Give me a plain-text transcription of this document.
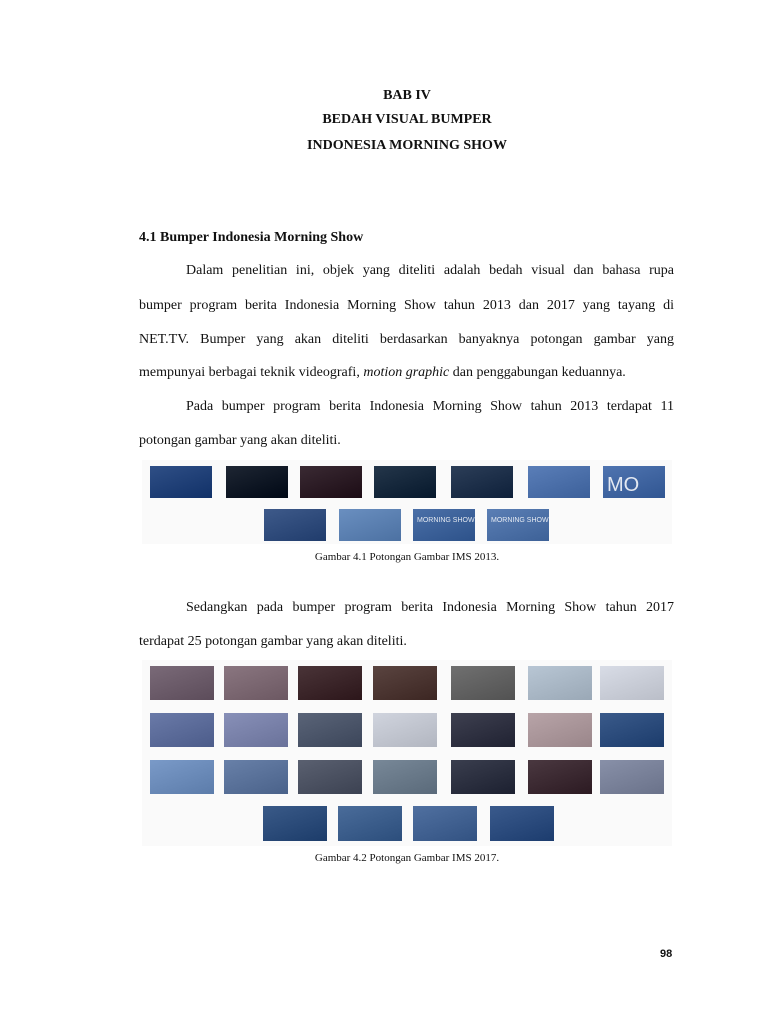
BAB IV
BEDAH VISUAL BUMPER
INDONESIA MORNING SHOW
4.1 Bumper Indonesia Morning Show
Dalam penelitian ini, objek yang diteliti adalah bedah visual dan bahasa rupa
bumper program berita Indonesia Morning Show tahun 2013 dan 2017 yang tayang di
NET.TV. Bumper yang akan diteliti berdasarkan banyaknya potongan gambar yang
mempunyai berbagai teknik videografi, motion graphic dan penggabungan keduannya.
Pada bumper program berita Indonesia Morning Show tahun 2013 terdapat 11
potongan gambar yang akan diteliti.
MO
MORNING SHOW MORNING SHOW
Gambar 4.1 Potongan Gambar IMS 2013.
Sedangkan pada bumper program berita Indonesia Morning Show tahun 2017
terdapat 25 potongan gambar yang akan diteliti.
Gambar 4.2 Potongan Gambar IMS 2017.
98
